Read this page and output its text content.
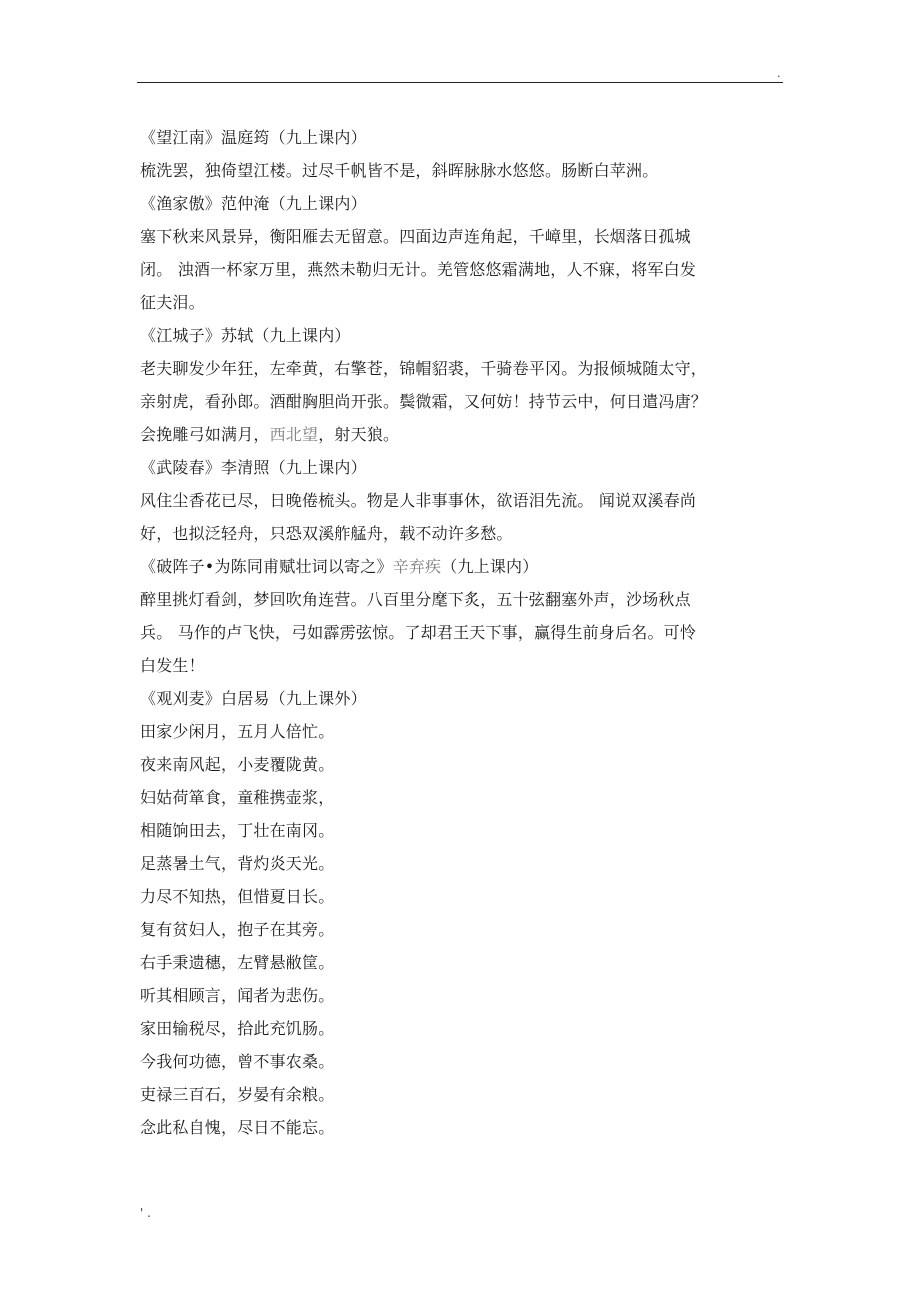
.
《望江南》温庭筠（九上课内）
梳洗罢，独倚望江楼。过尽千帆皆不是，斜晖脉脉水悠悠。肠断白苹洲。
《渔家傲》范仲淹（九上课内）
塞下秋来风景异，衡阳雁去无留意。四面边声连角起，千嶂里，长烟落日孤城
闭。 浊酒一杯家万里，燕然未勒归无计。羌管悠悠霜满地，人不寐，将军白发
征夫泪。
《江城子》苏轼（九上课内）
老夫聊发少年狂，左牵黄，右擎苍，锦帽貂裘，千骑卷平冈。为报倾城随太守，
亲射虎，看孙郎。酒酣胸胆尚开张。鬓微霜，又何妨！持节云中，何日遣冯唐？
会挽雕弓如满月，西北望，射天狼。
《武陵春》李清照（九上课内）
风住尘香花已尽，日晚倦梳头。物是人非事事休，欲语泪先流。 闻说双溪春尚
好，也拟泛轻舟，只恐双溪舴艋舟，载不动许多愁。
《破阵子•为陈同甫赋壮词以寄之》辛弃疾（九上课内）
醉里挑灯看剑，梦回吹角连营。八百里分麾下炙，五十弦翻塞外声，沙场秋点
兵。 马作的卢飞快，弓如霹雳弦惊。了却君王天下事，赢得生前身后名。可怜
白发生！
《观刈麦》白居易（九上课外）
田家少闲月，五月人倍忙。
夜来南风起，小麦覆陇黄。
妇姑荷箪食，童稚携壶浆，
相随饷田去，丁壮在南冈。
足蒸暑土气，背灼炎天光。
力尽不知热，但惜夏日长。
复有贫妇人，抱子在其旁。
右手秉遗穗，左臂悬敝筐。
听其相顾言，闻者为悲伤。
家田输税尽，拾此充饥肠。
今我何功德，曾不事农桑。
吏禄三百石，岁晏有余粮。
念此私自愧，尽日不能忘。
' .
